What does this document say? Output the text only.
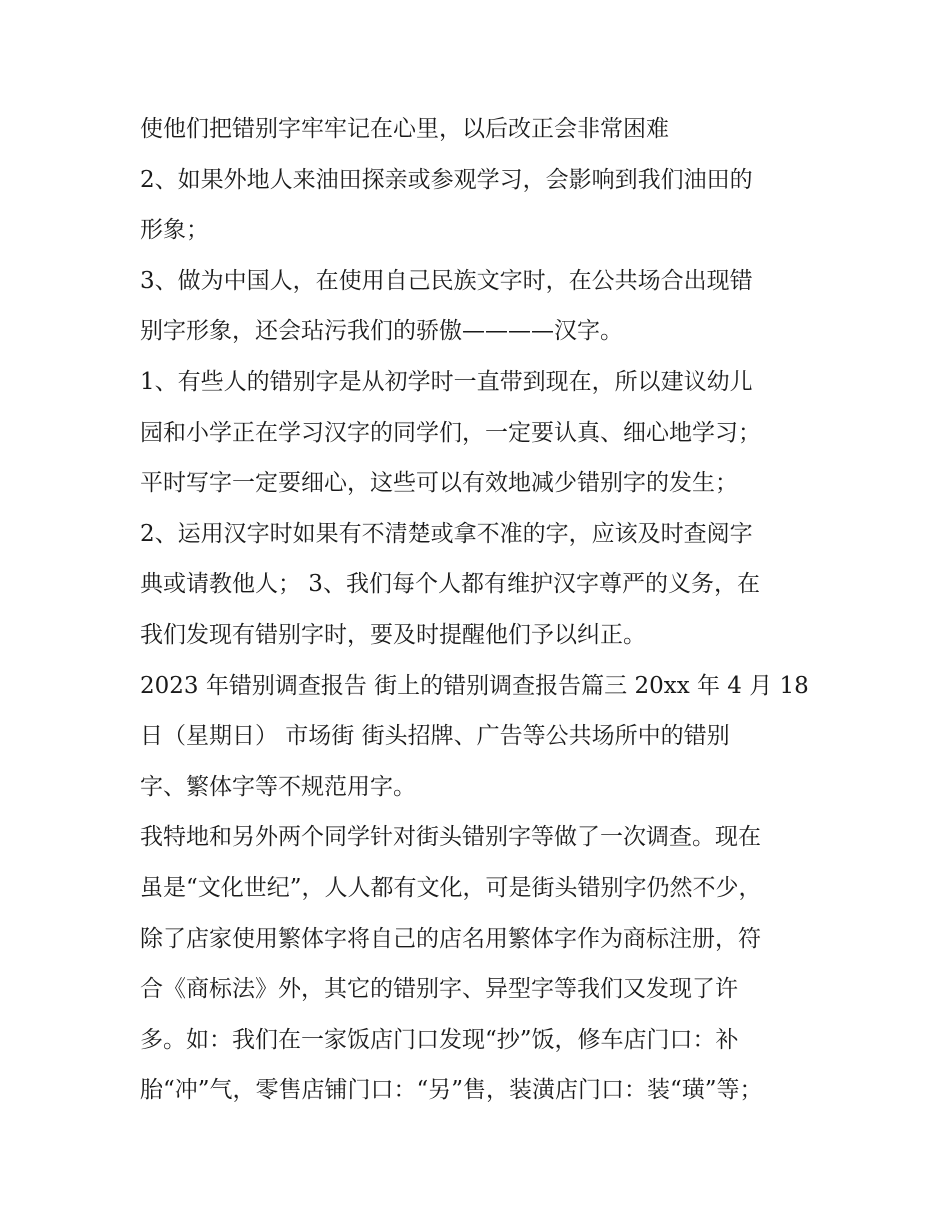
使他们把错别字牢牢记在心里，以后改正会非常困难
2、如果外地人来油田探亲或参观学习，会影响到我们油田的
形象；
3、做为中国人，在使用自己民族文字时，在公共场合出现错
别字形象，还会玷污我们的骄傲————汉字。
1、有些人的错别字是从初学时一直带到现在，所以建议幼儿
园和小学正在学习汉字的同学们，一定要认真、细心地学习；
平时写字一定要细心，这些可以有效地减少错别字的发生；
2、运用汉字时如果有不清楚或拿不准的字，应该及时查阅字
典或请教他人； 3、我们每个人都有维护汉字尊严的义务，在
我们发现有错别字时，要及时提醒他们予以纠正。
2023 年错别调查报告 街上的错别调查报告篇三 20xx 年 4 月 18
日（星期日） 市场街 街头招牌、广告等公共场所中的错别
字、繁体字等不规范用字。
我特地和另外两个同学针对街头错别字等做了一次调查。现在
虽是“文化世纪”，人人都有文化，可是街头错别字仍然不少，
除了店家使用繁体字将自己的店名用繁体字作为商标注册，符
合《商标法》外，其它的错别字、异型字等我们又发现了许
多。如：我们在一家饭店门口发现“抄”饭，修车店门口：补
胎“冲”气，零售店铺门口：“另”售，装潢店门口：装“璜”等；
